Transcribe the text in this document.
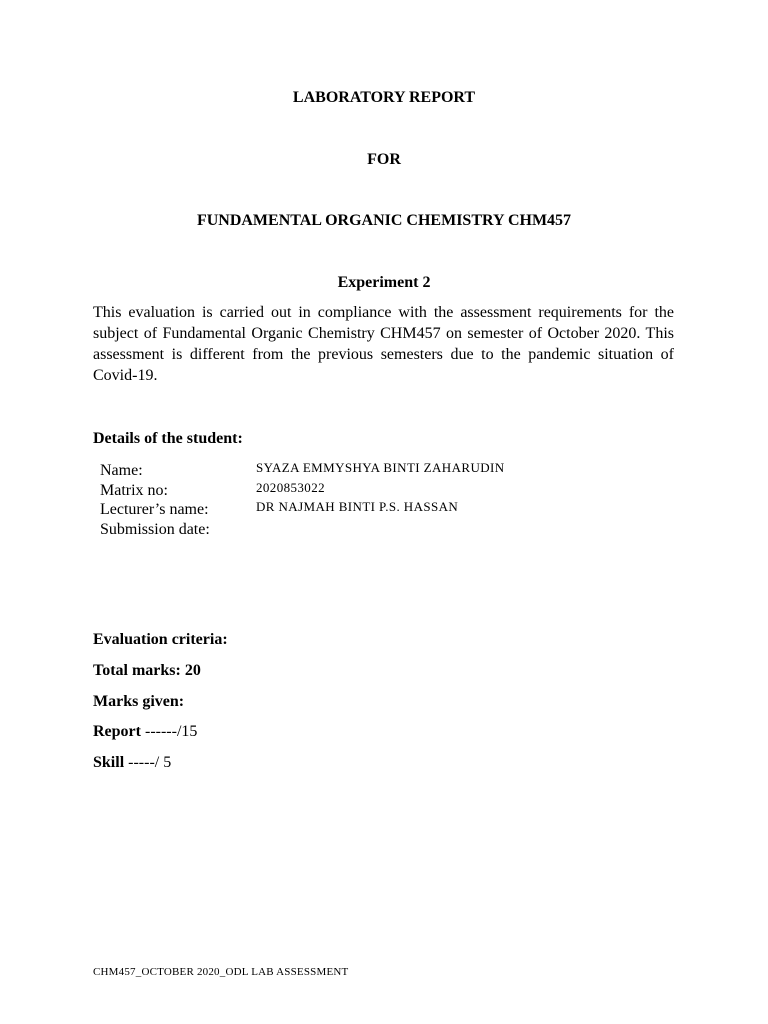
LABORATORY REPORT
FOR
FUNDAMENTAL ORGANIC CHEMISTRY CHM457
Experiment 2
This evaluation is carried out in compliance with the assessment requirements for the subject of Fundamental Organic Chemistry CHM457 on semester of October 2020. This assessment is different from the previous semesters due to the pandemic situation of Covid-19.
Details of the student:
Name:	SYAZA EMMYSHYA BINTI ZAHARUDIN
Matrix no:	2020853022
Lecturer’s name:	DR NAJMAH BINTI P.S. HASSAN
Submission date:
Evaluation criteria:
Total marks: 20
Marks given:
Report ------/15
Skill -----/ 5
CHM457_OCTOBER 2020_ODL LAB ASSESSMENT
